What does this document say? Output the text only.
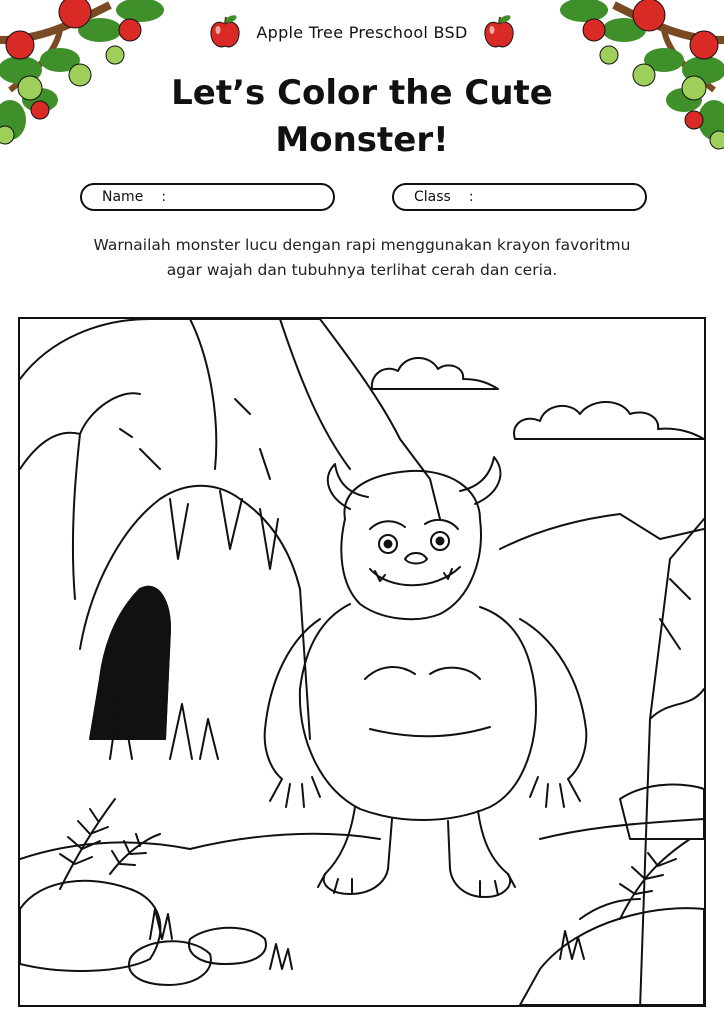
Apple Tree Preschool BSD
Let’s Color the Cute
Monster!
Name :	Class :

Warnailah monster lucu dengan rapi menggunakan krayon favoritmu
agar wajah dan tubuhnya terlihat cerah dan ceria.
